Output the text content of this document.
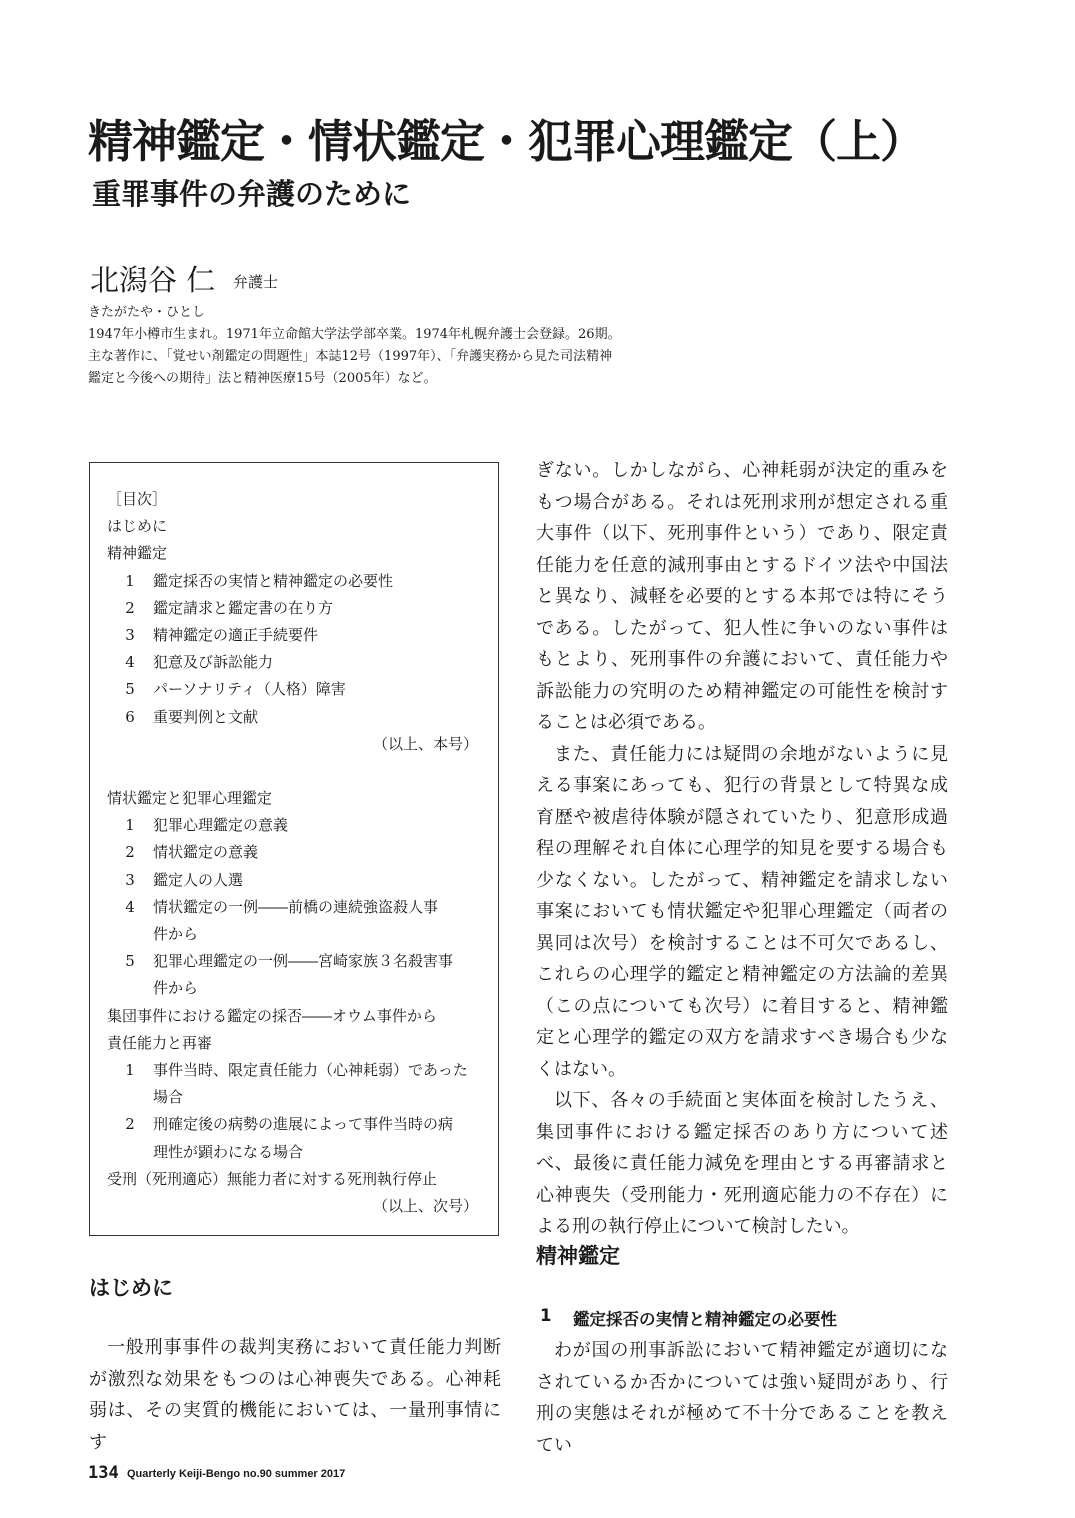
精神鑑定・情状鑑定・犯罪心理鑑定（上）
重罪事件の弁護のために
北潟谷 仁 弁護士
きたがたや・ひとし
1947年小樽市生まれ。1971年立命館大学法学部卒業。1974年札幌弁護士会登録。26期。
主な著作に、「覚せい剤鑑定の問題性」本誌12号（1997年）、「弁護実務から見た司法精神
鑑定と今後への期待」法と精神医療15号（2005年）など。
［目次］
はじめに
精神鑑定
1	鑑定採否の実情と精神鑑定の必要性
2	鑑定請求と鑑定書の在り方
3	精神鑑定の適正手続要件
4	犯意及び訴訟能力
5	パーソナリティ（人格）障害
6	重要判例と文献
（以上、本号）
情状鑑定と犯罪心理鑑定
1	犯罪心理鑑定の意義
2	情状鑑定の意義
3	鑑定人の人選
4	情状鑑定の一例――前橋の連続強盗殺人事
件から
5	犯罪心理鑑定の一例――宮崎家族３名殺害事
件から
集団事件における鑑定の採否――オウム事件から
責任能力と再審
1	事件当時、限定責任能力（心神耗弱）であった
場合
2	刑確定後の病勢の進展によって事件当時の病
理性が顕わになる場合
受刑（死刑適応）無能力者に対する死刑執行停止
（以上、次号）
はじめに

一般刑事事件の裁判実務において責任能力判断が激烈な効果をもつのは心神喪失である。心神耗弱は、その実質的機能においては、一量刑事情にす

ぎない。しかしながら、心神耗弱が決定的重みをもつ場合がある。それは死刑求刑が想定される重大事件（以下、死刑事件という）であり、限定責任能力を任意的減刑事由とするドイツ法や中国法と異なり、減軽を必要的とする本邦では特にそうである。したがって、犯人性に争いのない事件はもとより、死刑事件の弁護において、責任能力や訴訟能力の究明のため精神鑑定の可能性を検討することは必須である。

また、責任能力には疑問の余地がないように見える事案にあっても、犯行の背景として特異な成育歴や被虐待体験が隠されていたり、犯意形成過程の理解それ自体に心理学的知見を要する場合も少なくない。したがって、精神鑑定を請求しない事案においても情状鑑定や犯罪心理鑑定（両者の異同は次号）を検討することは不可欠であるし、これらの心理学的鑑定と精神鑑定の方法論的差異（この点についても次号）に着目すると、精神鑑定と心理学的鑑定の双方を請求すべき場合も少なくはない。

以下、各々の手続面と実体面を検討したうえ、集団事件における鑑定採否のあり方について述べ、最後に責任能力減免を理由とする再審請求と心神喪失（受刑能力・死刑適応能力の不存在）による刑の執行停止について検討したい。

精神鑑定
1 鑑定採否の実情と精神鑑定の必要性

わが国の刑事訴訟において精神鑑定が適切になされているか否かについては強い疑問があり、行刑の実態はそれが極めて不十分であることを教えてい

134 Quarterly Keiji-Bengo no.90 summer 2017
